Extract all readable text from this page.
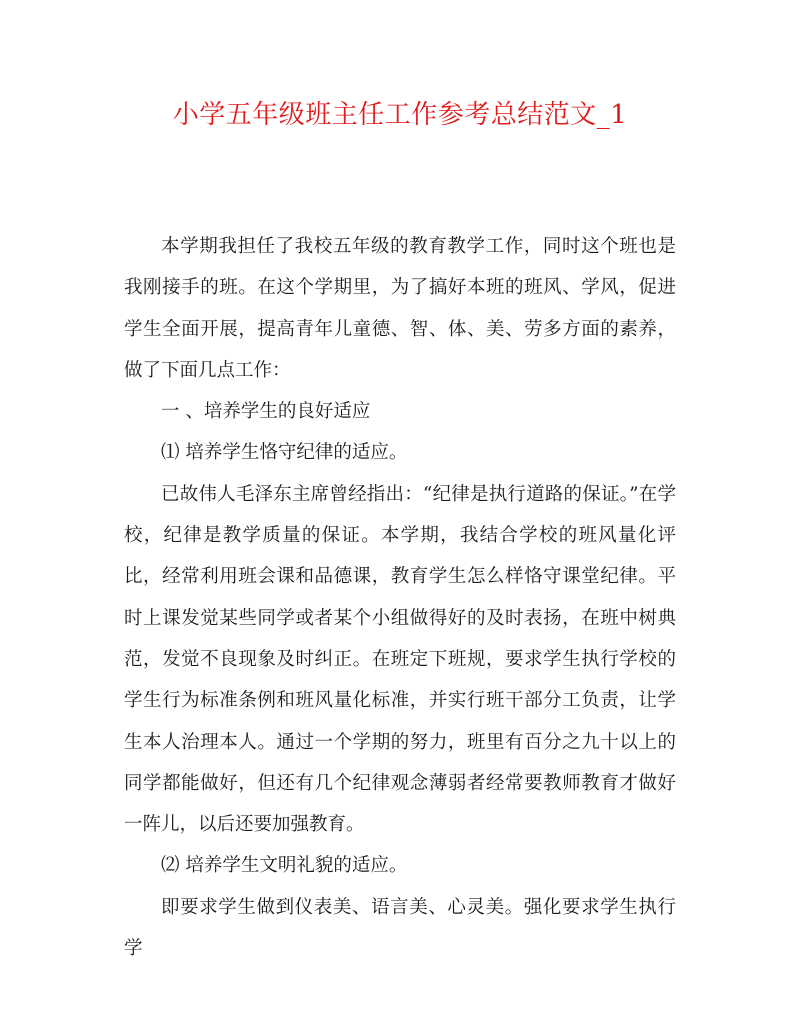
小学五年级班主任工作参考总结范文_1

本学期我担任了我校五年级的教育教学工作，同时这个班也是我刚接手的班。在这个学期里，为了搞好本班的班风、学风，促进学生全面开展，提高青年儿童德、智、体、美、劳多方面的素养，做了下面几点工作：

一 、培养学生的良好适应

⑴ 培养学生恪守纪律的适应。

已故伟人毛泽东主席曾经指出：“纪律是执行道路的保证。”在学校，纪律是教学质量的保证。本学期，我结合学校的班风量化评比，经常利用班会课和品德课，教育学生怎么样恪守课堂纪律。平时上课发觉某些同学或者某个小组做得好的及时表扬，在班中树典范，发觉不良现象及时纠正。在班定下班规，要求学生执行学校的学生行为标准条例和班风量化标准，并实行班干部分工负责，让学生本人治理本人。通过一个学期的努力，班里有百分之九十以上的同学都能做好，但还有几个纪律观念薄弱者经常要教师教育才做好一阵儿，以后还要加强教育。

⑵ 培养学生文明礼貌的适应。

即要求学生做到仪表美、语言美、心灵美。强化要求学生执行学
